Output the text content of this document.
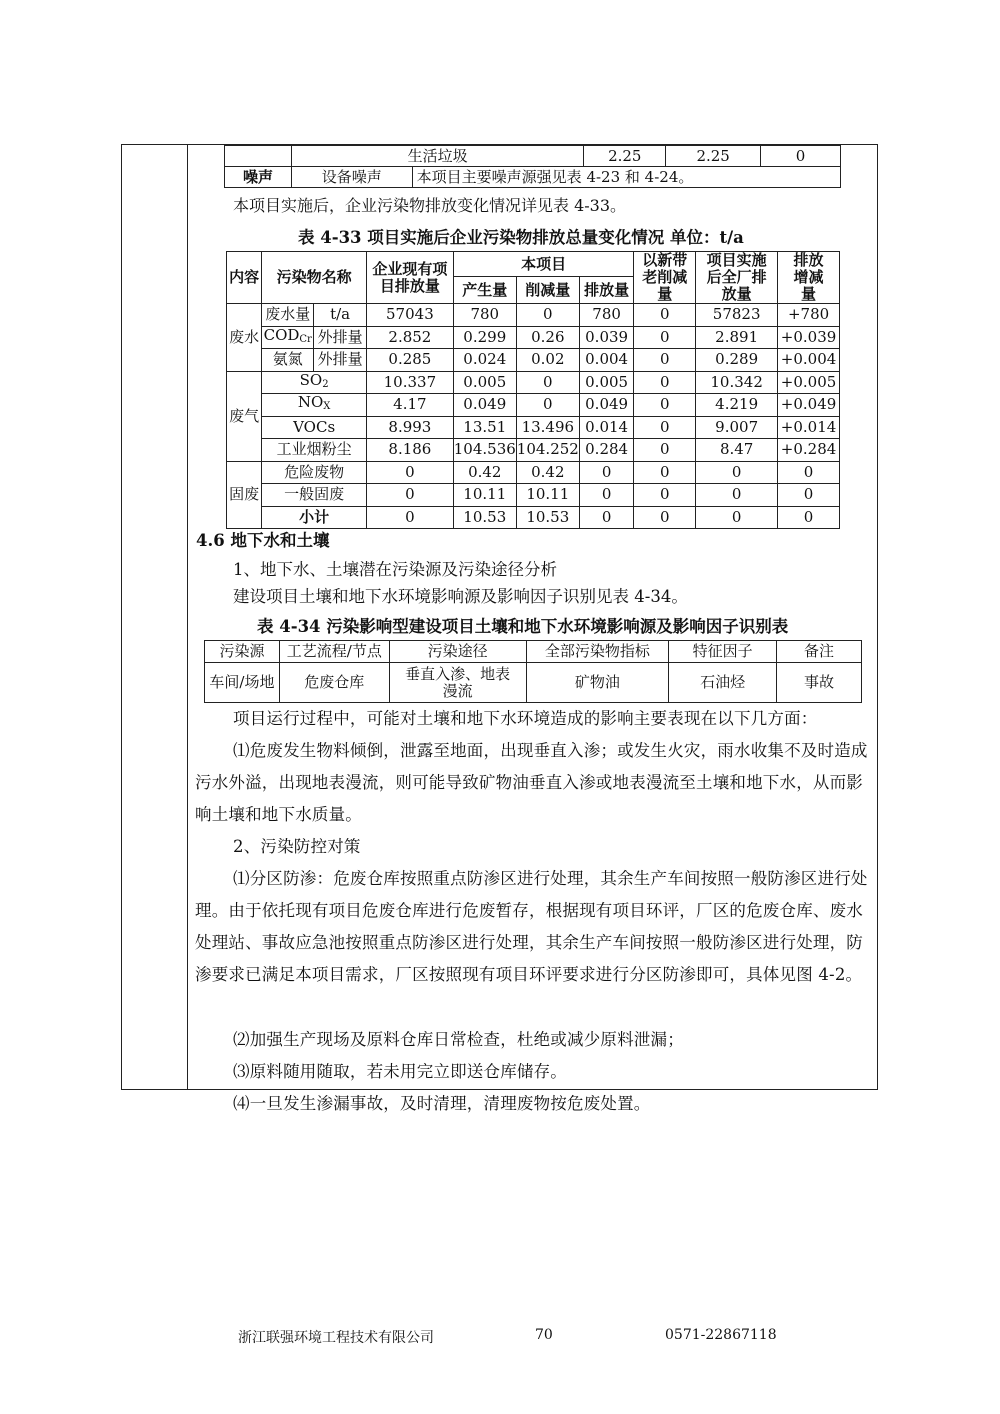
	生活垃圾		2.25	2.25	0
噪声	设备噪声	本项目主要噪声源强见表 4-23 和 4-24。			
本项目实施后，企业污染物排放变化情况详见表 4-33。
表 4-33 项目实施后企业污染物排放总量变化情况 单位：t/a
内容	污染物名称		企业现有项目排放量	本项目			以新带老削减量	项目实施后全厂排放量	排放增减量
				产生量	削减量	排放量			
废水	废水量	t/a	57043	780	0	780	0	57823	+780
	$COD_{Cr}$	外排量	2.852	0.299	0.26	0.039	0	2.891	+0.039
	氨氮	外排量	0.285	0.024	0.02	0.004	0	0.289	+0.004
废气	$SO_2$		10.337	0.005	0	0.005	0	10.342	+0.005
	$NO_X$		4.17	0.049	0	0.049	0	4.219	+0.049
	VOCs		8.993	13.51	13.496	0.014	0	9.007	+0.014
	工业烟粉尘		8.186	104.536	104.252	0.284	0	8.47	+0.284
固废	危险废物		0	0.42	0.42	0	0	0	0
	一般固废		0	10.11	10.11	0	0	0	0
	小计		0	10.53	10.53	0	0	0	0
4.6 地下水和土壤
1、地下水、土壤潜在污染源及污染途径分析
建设项目土壤和地下水环境影响源及影响因子识别见表 4-34。
表 4-34 污染影响型建设项目土壤和地下水环境影响源及影响因子识别表
污染源	工艺流程/节点	污染途径	全部污染物指标	特征因子	备注
车间/场地	危废仓库	垂直入渗、地表漫流	矿物油	石油烃	事故
项目运行过程中，可能对土壤和地下水环境造成的影响主要表现在以下几方面：
⑴危废发生物料倾倒，泄露至地面，出现垂直入渗；或发生火灾，雨水收集不及时造成污水外溢，出现地表漫流，则可能导致矿物油垂直入渗或地表漫流至土壤和地下水，从而影响土壤和地下水质量。
2、污染防控对策
⑴分区防渗：危废仓库按照重点防渗区进行处理，其余生产车间按照一般防渗区进行处理。由于依托现有项目危废仓库进行危废暂存，根据现有项目环评，厂区的危废仓库、废水处理站、事故应急池按照重点防渗区进行处理，其余生产车间按照一般防渗区进行处理，防渗要求已满足本项目需求，厂区按照现有项目环评要求进行分区防渗即可，具体见图 4-2。
⑵加强生产现场及原料仓库日常检查，杜绝或减少原料泄漏；
⑶原料随用随取，若未用完立即送仓库储存。
⑷一旦发生渗漏事故，及时清理，清理废物按危废处置。
浙江联强环境工程技术有限公司	70	0571-22867118
